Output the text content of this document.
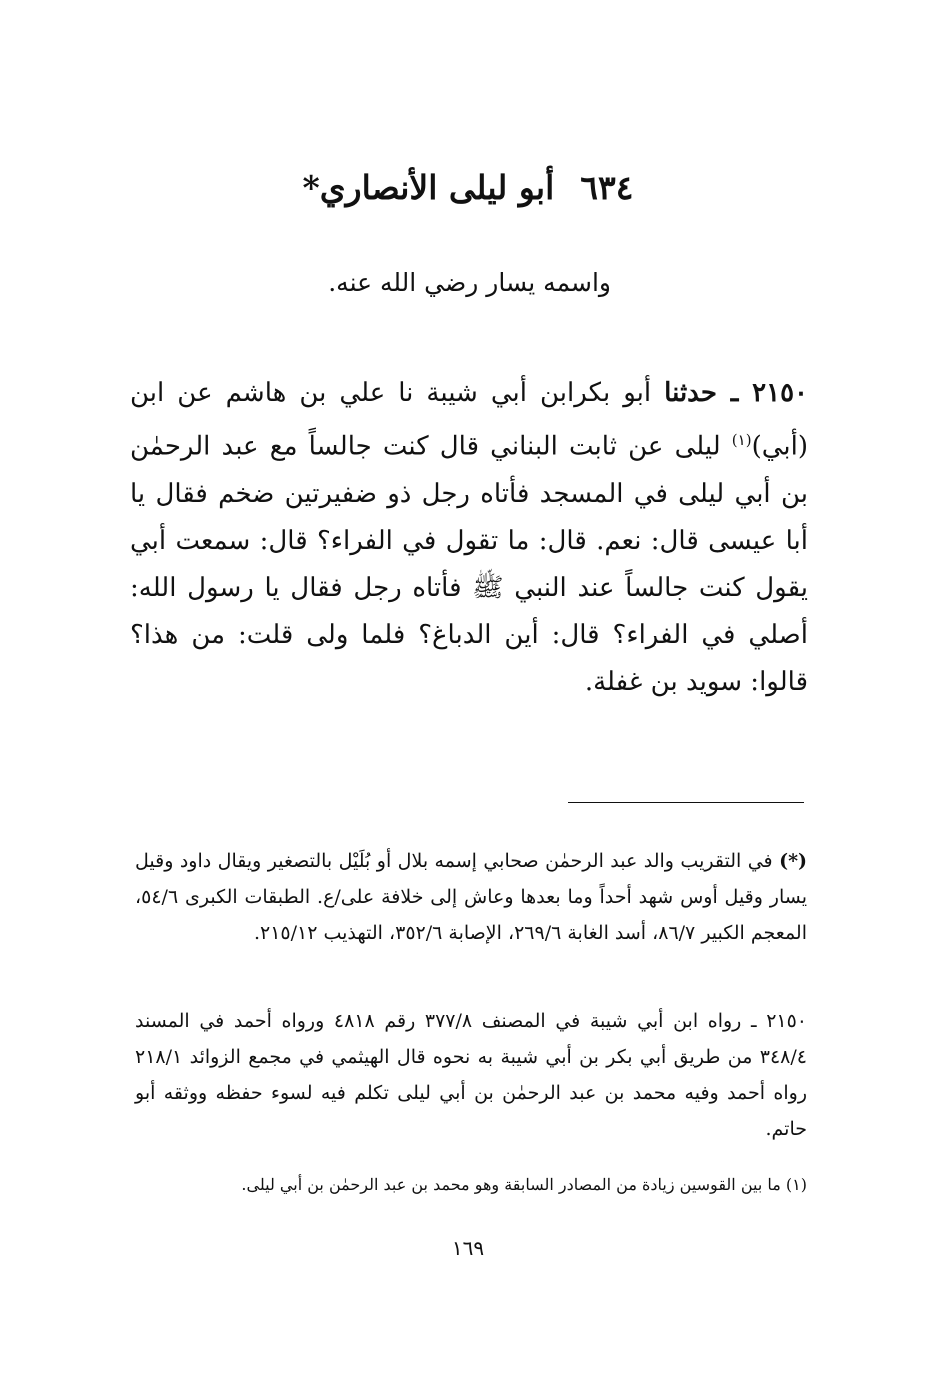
٦٣٤أبو ليلى الأنصاري*
واسمه يسار رضي الله عنه.
٢١٥٠ ـ حدثنا أبو بكرابن أبي شيبة نا علي بن هاشم عن ابن (أبي)$^{(١)}$ ليلى عن ثابت البناني قال كنت جالساً مع عبد الرحمٰن بن أبي ليلى في المسجد فأتاه رجل ذو ضفيرتين ضخم فقال يا أبا عيسى قال: نعم. قال: ما تقول في الفراء؟ قال: سمعت أبي يقول كنت جالساً عند النبي ﷺ فأتاه رجل فقال يا رسول الله: أصلي في الفراء؟ قال: أين الدباغ؟ فلما ولى قلت: من هذا؟ قالوا: سويد بن غفلة.
(*) في التقريب والد عبد الرحمٰن صحابي إسمه بلال أو بُلَيْل بالتصغير ويقال داود وقيل يسار وقيل أوس شهد أحداً وما بعدها وعاش إلى خلافة على/ع. الطبقات الكبرى ٥٤/٦، المعجم الكبير ٨٦/٧، أسد الغابة ٢٦٩/٦، الإصابة ٣٥٢/٦، التهذيب ٢١٥/١٢.
٢١٥٠ ـ رواه ابن أبي شيبة في المصنف ٣٧٧/٨ رقم ٤٨١٨ ورواه أحمد في المسند ٣٤٨/٤ من طريق أبي بكر بن أبي شيبة به نحوه قال الهيثمي في مجمع الزوائد ٢١٨/١ رواه أحمد وفيه محمد بن عبد الرحمٰن بن أبي ليلى تكلم فيه لسوء حفظه ووثقه أبو حاتم.
(١) ما بين القوسين زيادة من المصادر السابقة وهو محمد بن عبد الرحمٰن بن أبي ليلى.
١٦٩
